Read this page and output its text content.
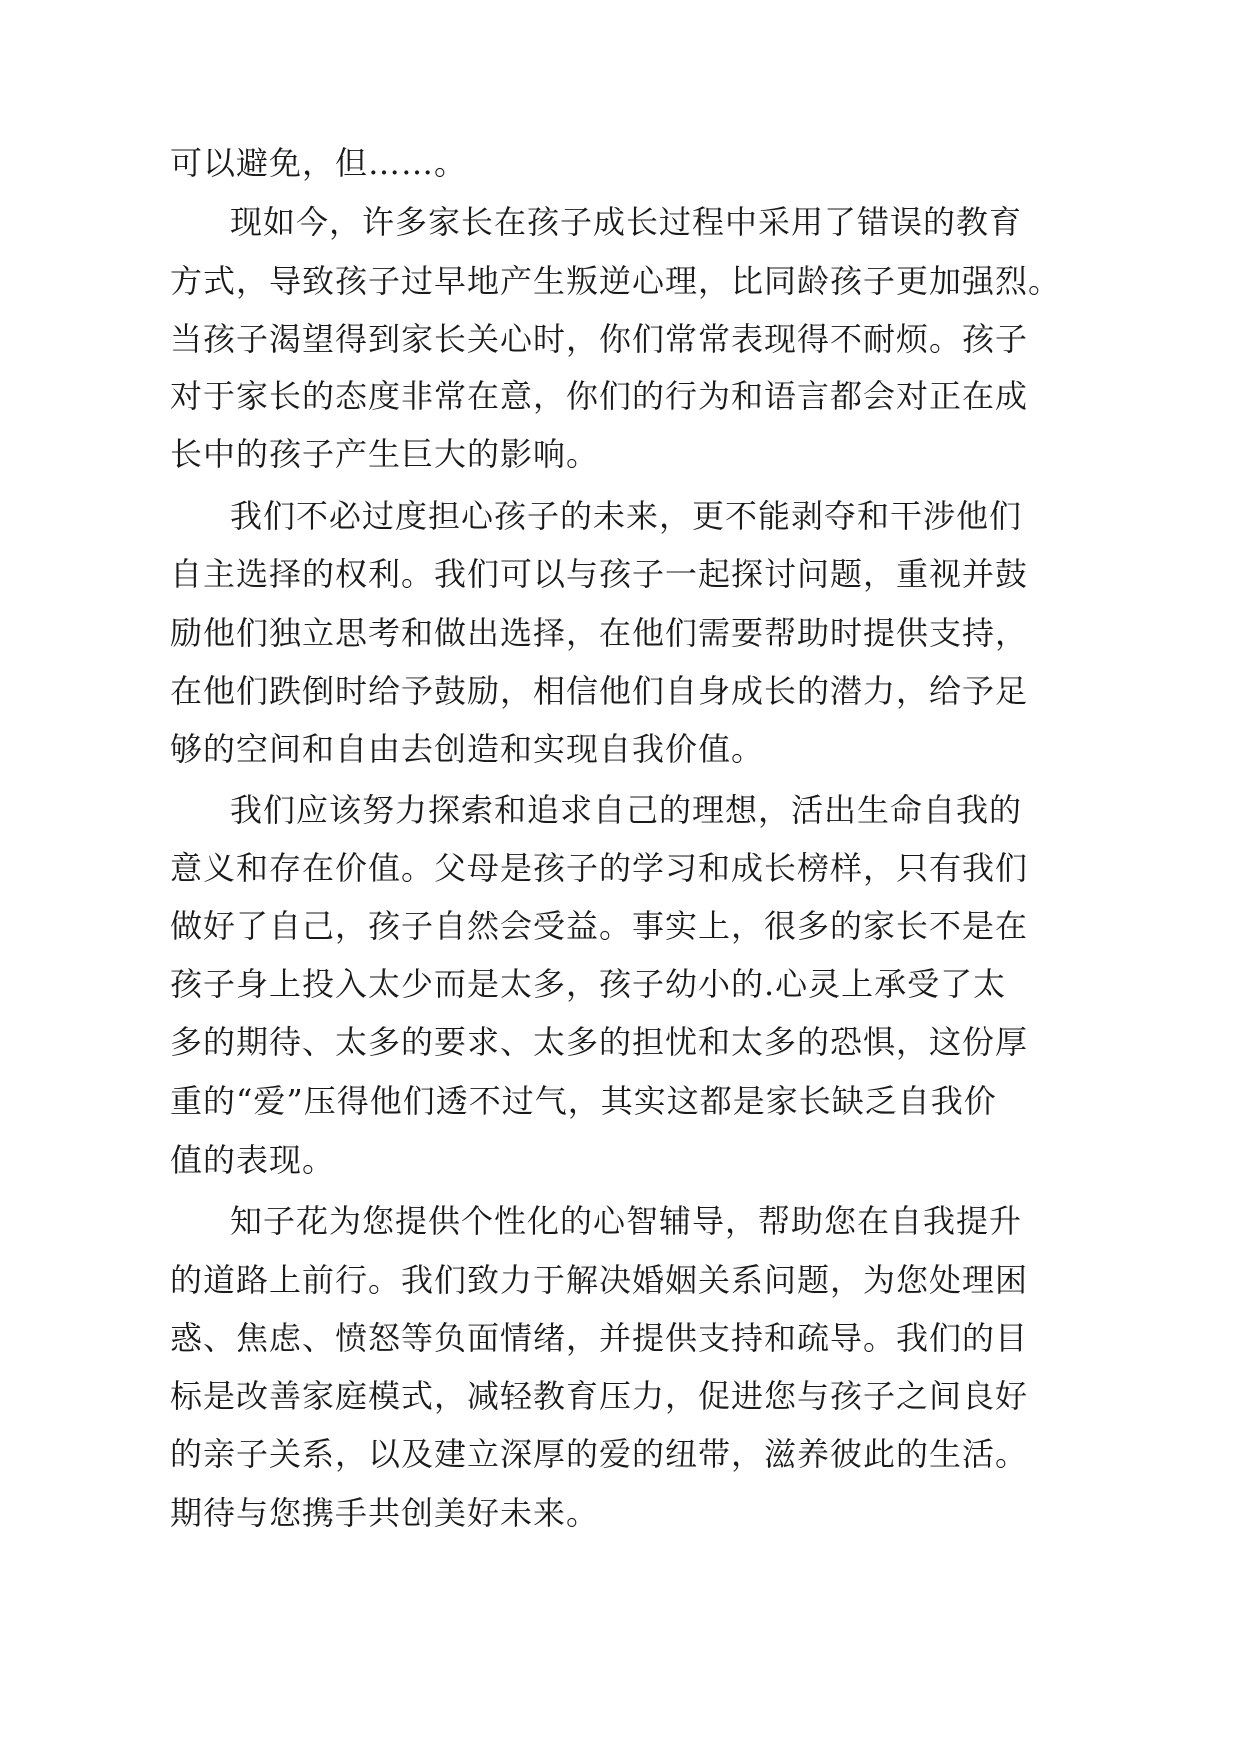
可以避免，但……。
现如今，许多家长在孩子成长过程中采用了错误的教育
方式，导致孩子过早地产生叛逆心理，比同龄孩子更加强烈。
当孩子渴望得到家长关心时，你们常常表现得不耐烦。孩子
对于家长的态度非常在意，你们的行为和语言都会对正在成
长中的孩子产生巨大的影响。
我们不必过度担心孩子的未来，更不能剥夺和干涉他们
自主选择的权利。我们可以与孩子一起探讨问题，重视并鼓
励他们独立思考和做出选择，在他们需要帮助时提供支持，
在他们跌倒时给予鼓励，相信他们自身成长的潜力，给予足
够的空间和自由去创造和实现自我价值。
我们应该努力探索和追求自己的理想，活出生命自我的
意义和存在价值。父母是孩子的学习和成长榜样，只有我们
做好了自己，孩子自然会受益。事实上，很多的家长不是在
孩子身上投入太少而是太多，孩子幼小的.心灵上承受了太
多的期待、太多的要求、太多的担忧和太多的恐惧，这份厚
重的“爱”压得他们透不过气，其实这都是家长缺乏自我价
值的表现。
知子花为您提供个性化的心智辅导，帮助您在自我提升
的道路上前行。我们致力于解决婚姻关系问题，为您处理困
惑、焦虑、愤怒等负面情绪，并提供支持和疏导。我们的目
标是改善家庭模式，减轻教育压力，促进您与孩子之间良好
的亲子关系，以及建立深厚的爱的纽带，滋养彼此的生活。
期待与您携手共创美好未来。
